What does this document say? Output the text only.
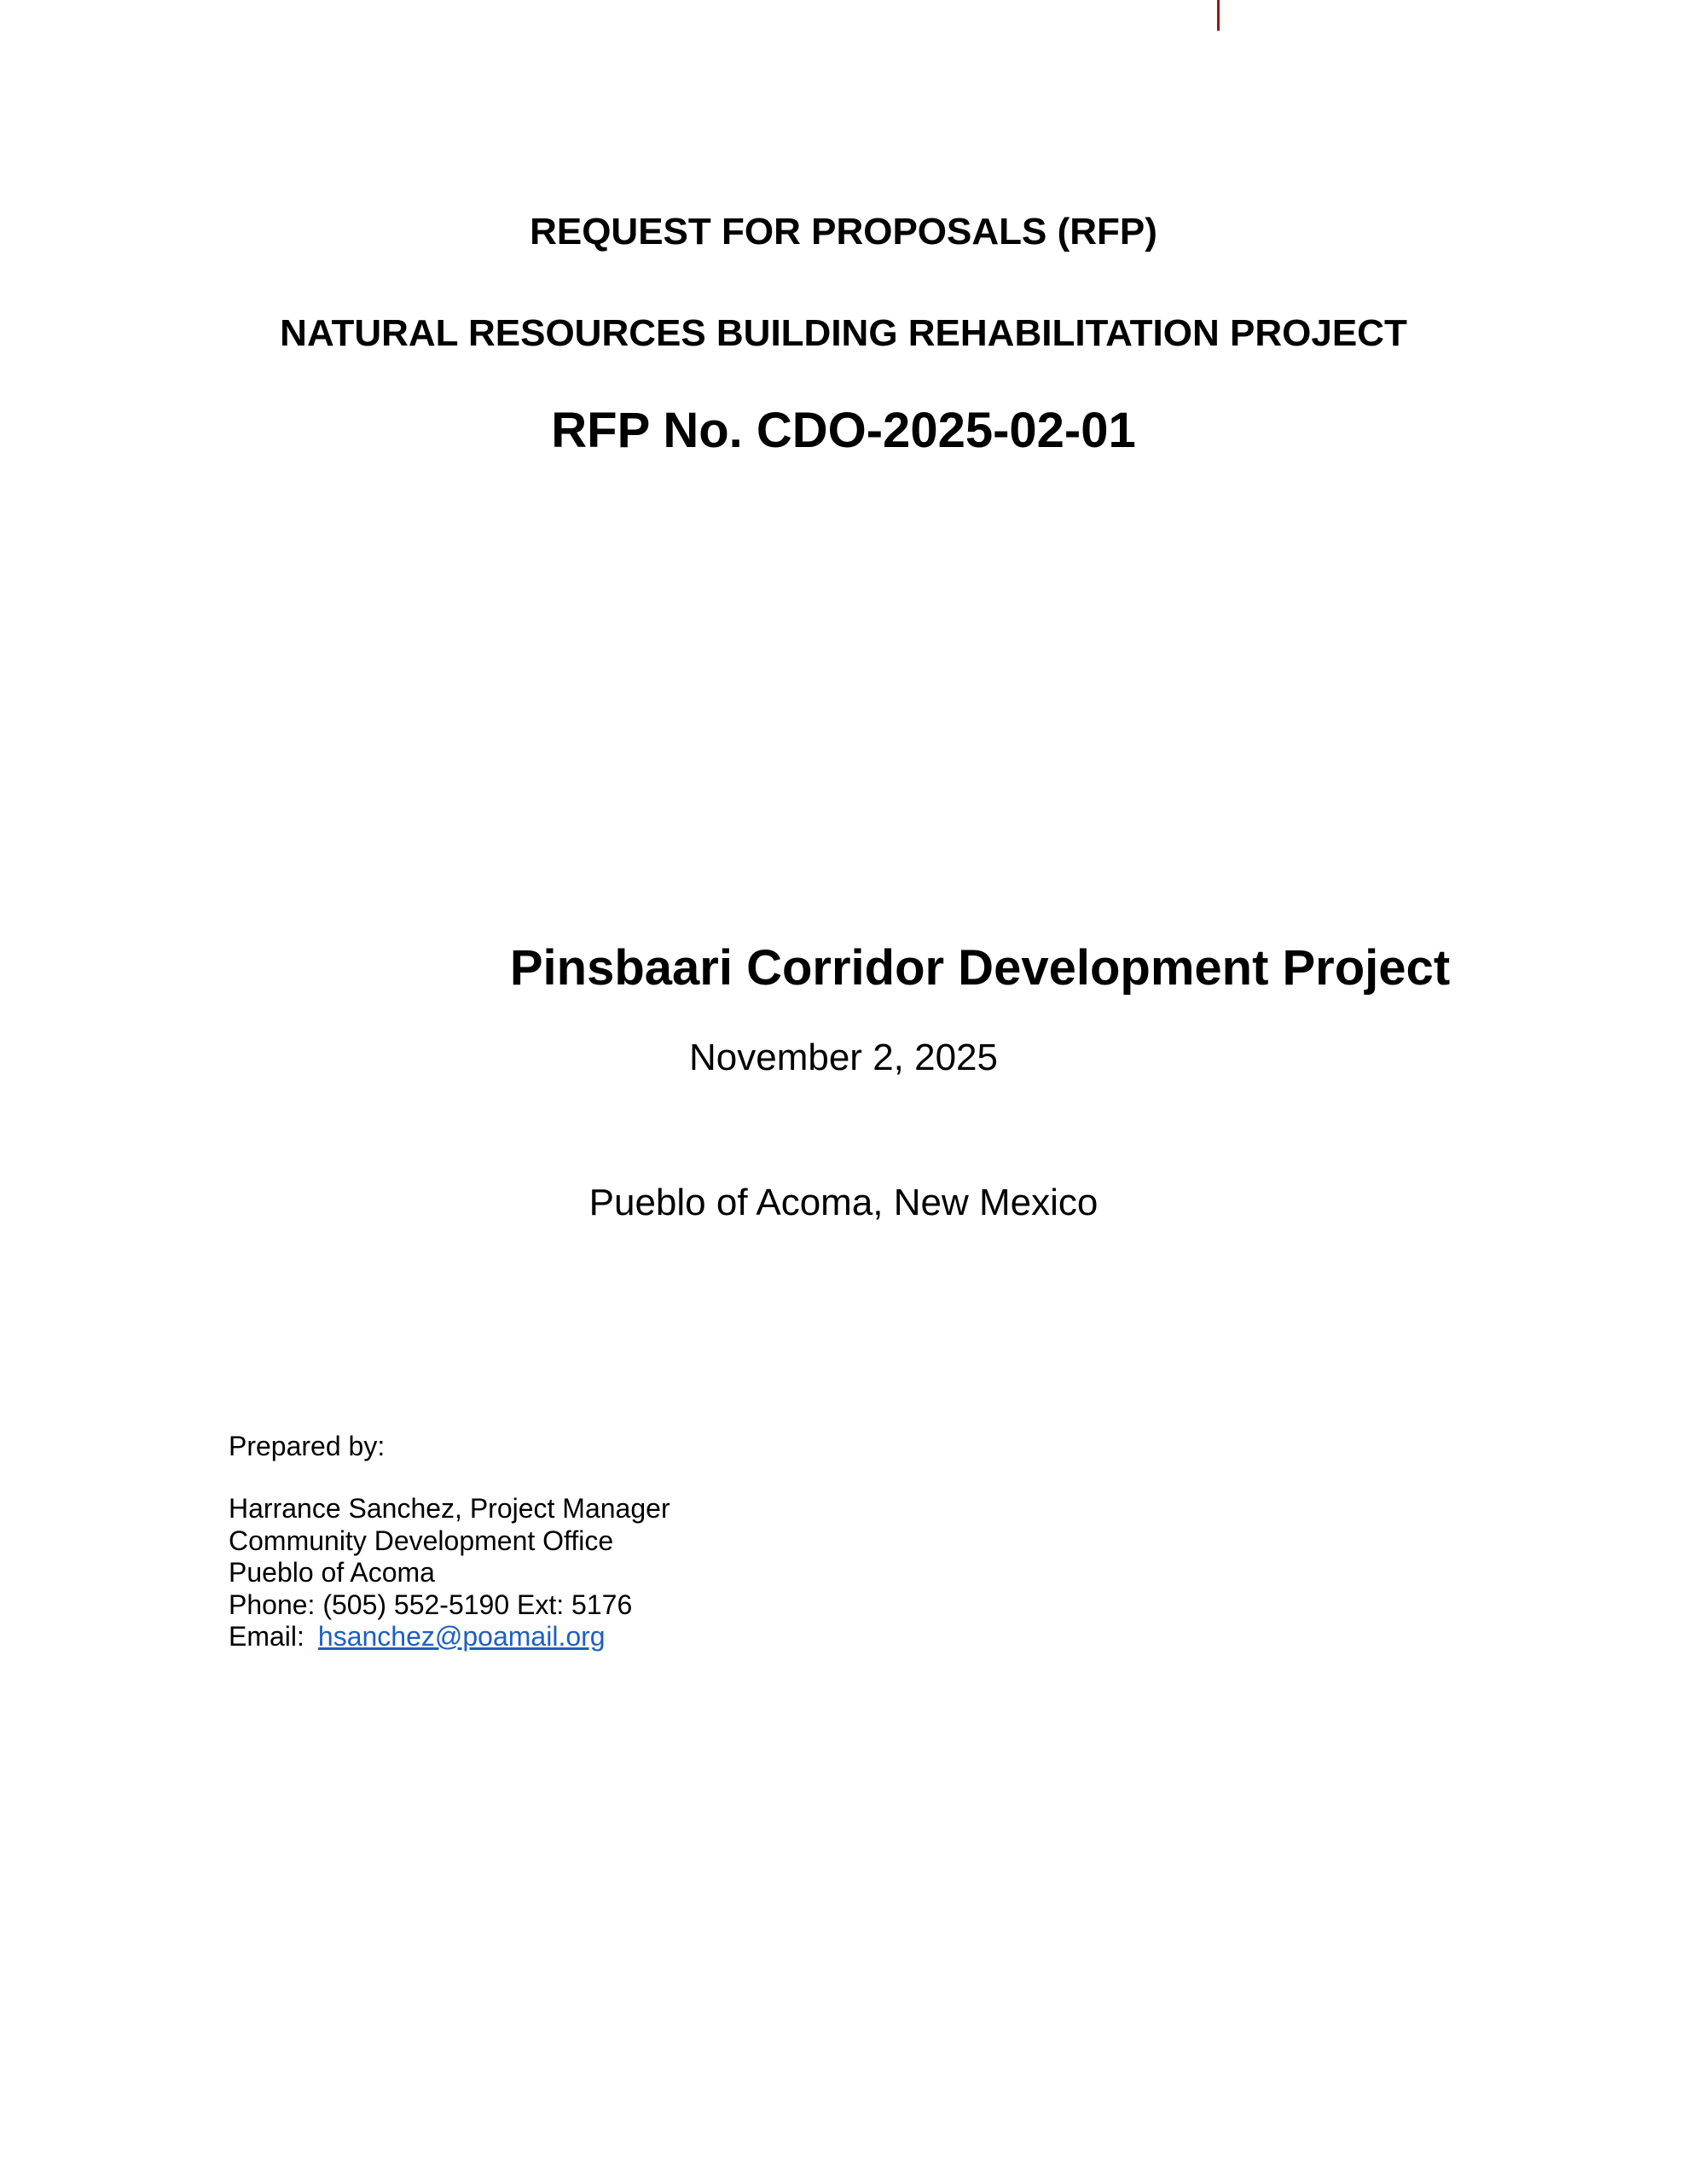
REQUEST FOR PROPOSALS (RFP)
NATURAL RESOURCES BUILDING REHABILITATION PROJECT
RFP No. CDO-2025-02-01
Pinsbaari Corridor Development Project
November 2, 2025
Pueblo of Acoma, New Mexico
Prepared by:
Harrance Sanchez, Project Manager
Community Development Office
Pueblo of Acoma
Phone: (505) 552-5190 Ext: 5176
Email: hsanchez@poamail.org
